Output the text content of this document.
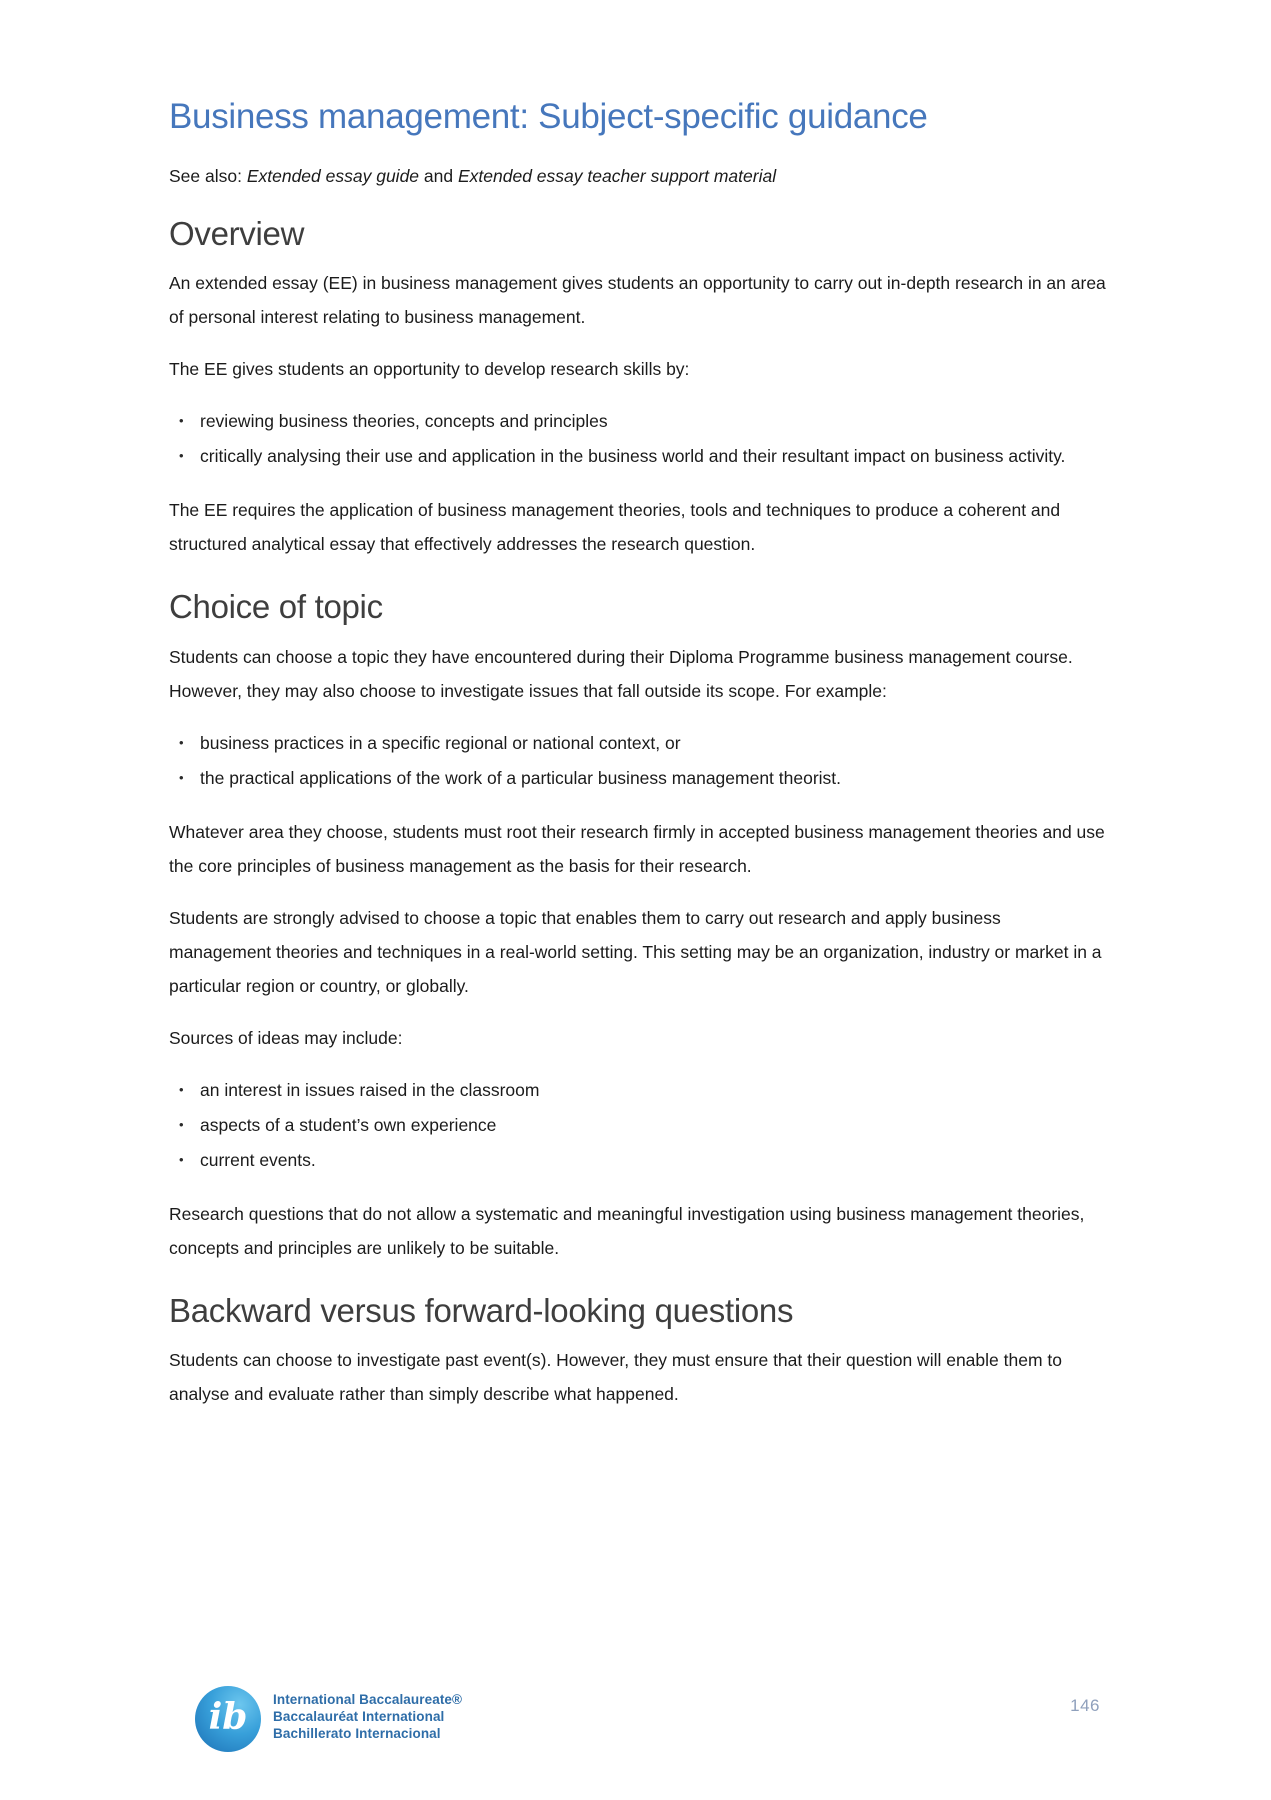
Business management: Subject-specific guidance

See also: Extended essay guide and Extended essay teacher support material

Overview

An extended essay (EE) in business management gives students an opportunity to carry out in-depth research in an area of personal interest relating to business management.

The EE gives students an opportunity to develop research skills by:

• reviewing business theories, concepts and principles
• critically analysing their use and application in the business world and their resultant impact on business activity.

The EE requires the application of business management theories, tools and techniques to produce a coherent and structured analytical essay that effectively addresses the research question.

Choice of topic

Students can choose a topic they have encountered during their Diploma Programme business management course. However, they may also choose to investigate issues that fall outside its scope. For example:

• business practices in a specific regional or national context, or
• the practical applications of the work of a particular business management theorist.

Whatever area they choose, students must root their research firmly in accepted business management theories and use the core principles of business management as the basis for their research.

Students are strongly advised to choose a topic that enables them to carry out research and apply business management theories and techniques in a real-world setting. This setting may be an organization, industry or market in a particular region or country, or globally.

Sources of ideas may include:

• an interest in issues raised in the classroom
• aspects of a student’s own experience
• current events.

Research questions that do not allow a systematic and meaningful investigation using business management theories, concepts and principles are unlikely to be suitable.

Backward versus forward-looking questions

Students can choose to investigate past event(s). However, they must ensure that their question will enable them to analyse and evaluate rather than simply describe what happened.

ib International Baccalaureate®
Baccalauréat International
Bachillerato Internacional
146
